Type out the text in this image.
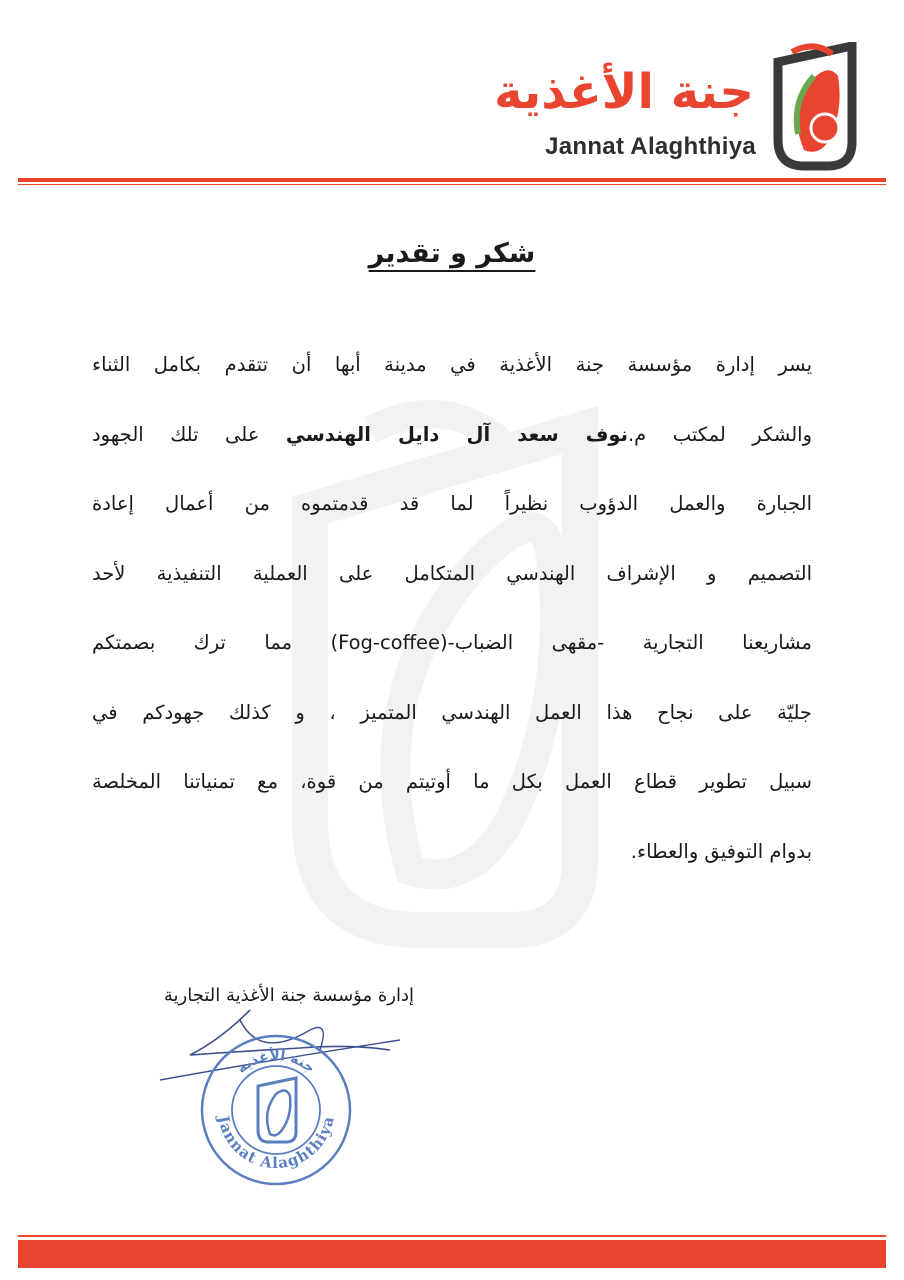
جنة الأغذية
Jannat Alaghthiya
شكر و تقدير
يسر إدارة مؤسسة جنة الأغذية في مدينة أبها أن تتقدم بكامل الثناء
والشكر لمكتب م.نوف سعد آل دايل الهندسي على تلك الجهود
الجبارة والعمل الدؤوب نظيراً لما قد قدمتموه من أعمال إعادة
التصميم و الإشراف الهندسي المتكامل على العملية التنفيذية لأحد
مشاريعنا التجارية -مقهى الضباب-(Fog-coffee) مما ترك بصمتكم
جليّة على نجاح هذا العمل الهندسي المتميز ، و كذلك جهودكم في
سبيل تطوير قطاع العمل بكل ما أوتيتم من قوة، مع تمنياتنا المخلصة
بدوام التوفيق والعطاء.
إدارة مؤسسة جنة الأغذية التجارية
Jannat Alaghthiya
جنة الأغذية
